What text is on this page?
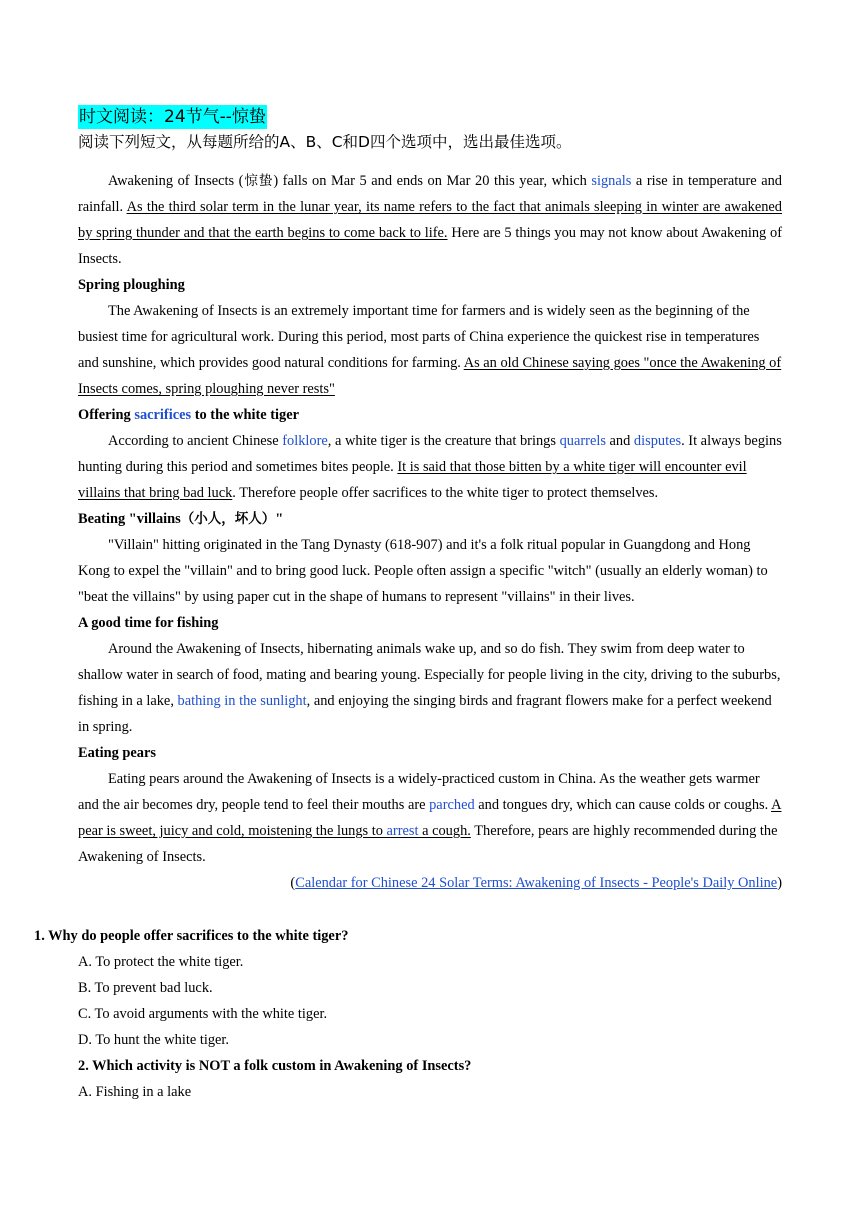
时文阅读：24节气--惊蛰
阅读下列短文，从每题所给的A、B、C和D四个选项中，选出最佳选项。

Awakening of Insects (惊蛰) falls on Mar 5 and ends on Mar 20 this year, which signals a rise in temperature and rainfall. As the third solar term in the lunar year, its name refers to the fact that animals sleeping in winter are awakened by spring thunder and that the earth begins to come back to life. Here are 5 things you may not know about Awakening of Insects.

Spring ploughing

The Awakening of Insects is an extremely important time for farmers and is widely seen as the beginning of the busiest time for agricultural work. During this period, most parts of China experience the quickest rise in temperatures and sunshine, which provides good natural conditions for farming. As an old Chinese saying goes "once the Awakening of Insects comes, spring ploughing never rests"

Offering sacrifices to the white tiger

According to ancient Chinese folklore, a white tiger is the creature that brings quarrels and disputes. It always begins hunting during this period and sometimes bites people. It is said that those bitten by a white tiger will encounter evil villains that bring bad luck. Therefore people offer sacrifices to the white tiger to protect themselves.

Beating "villains（小人，坏人）"

"Villain" hitting originated in the Tang Dynasty (618-907) and it's a folk ritual popular in Guangdong and Hong Kong to expel the "villain" and to bring good luck. People often assign a specific "witch" (usually an elderly woman) to "beat the villains" by using paper cut in the shape of humans to represent "villains" in their lives.

A good time for fishing

Around the Awakening of Insects, hibernating animals wake up, and so do fish. They swim from deep water to shallow water in search of food, mating and bearing young. Especially for people living in the city, driving to the suburbs, fishing in a lake, bathing in the sunlight, and enjoying the singing birds and fragrant flowers make for a perfect weekend in spring.

Eating pears

Eating pears around the Awakening of Insects is a widely-practiced custom in China. As the weather gets warmer and the air becomes dry, people tend to feel their mouths are parched and tongues dry, which can cause colds or coughs. A pear is sweet, juicy and cold, moistening the lungs to arrest a cough. Therefore, pears are highly recommended during the Awakening of Insects.

(Calendar for Chinese 24 Solar Terms: Awakening of Insects - People's Daily Online)

1. Why do people offer sacrifices to the white tiger?

A. To protect the white tiger.

B. To prevent bad luck.

C. To avoid arguments with the white tiger.

D. To hunt the white tiger.

2. Which activity is NOT a folk custom in Awakening of Insects?

A. Fishing in a lake
